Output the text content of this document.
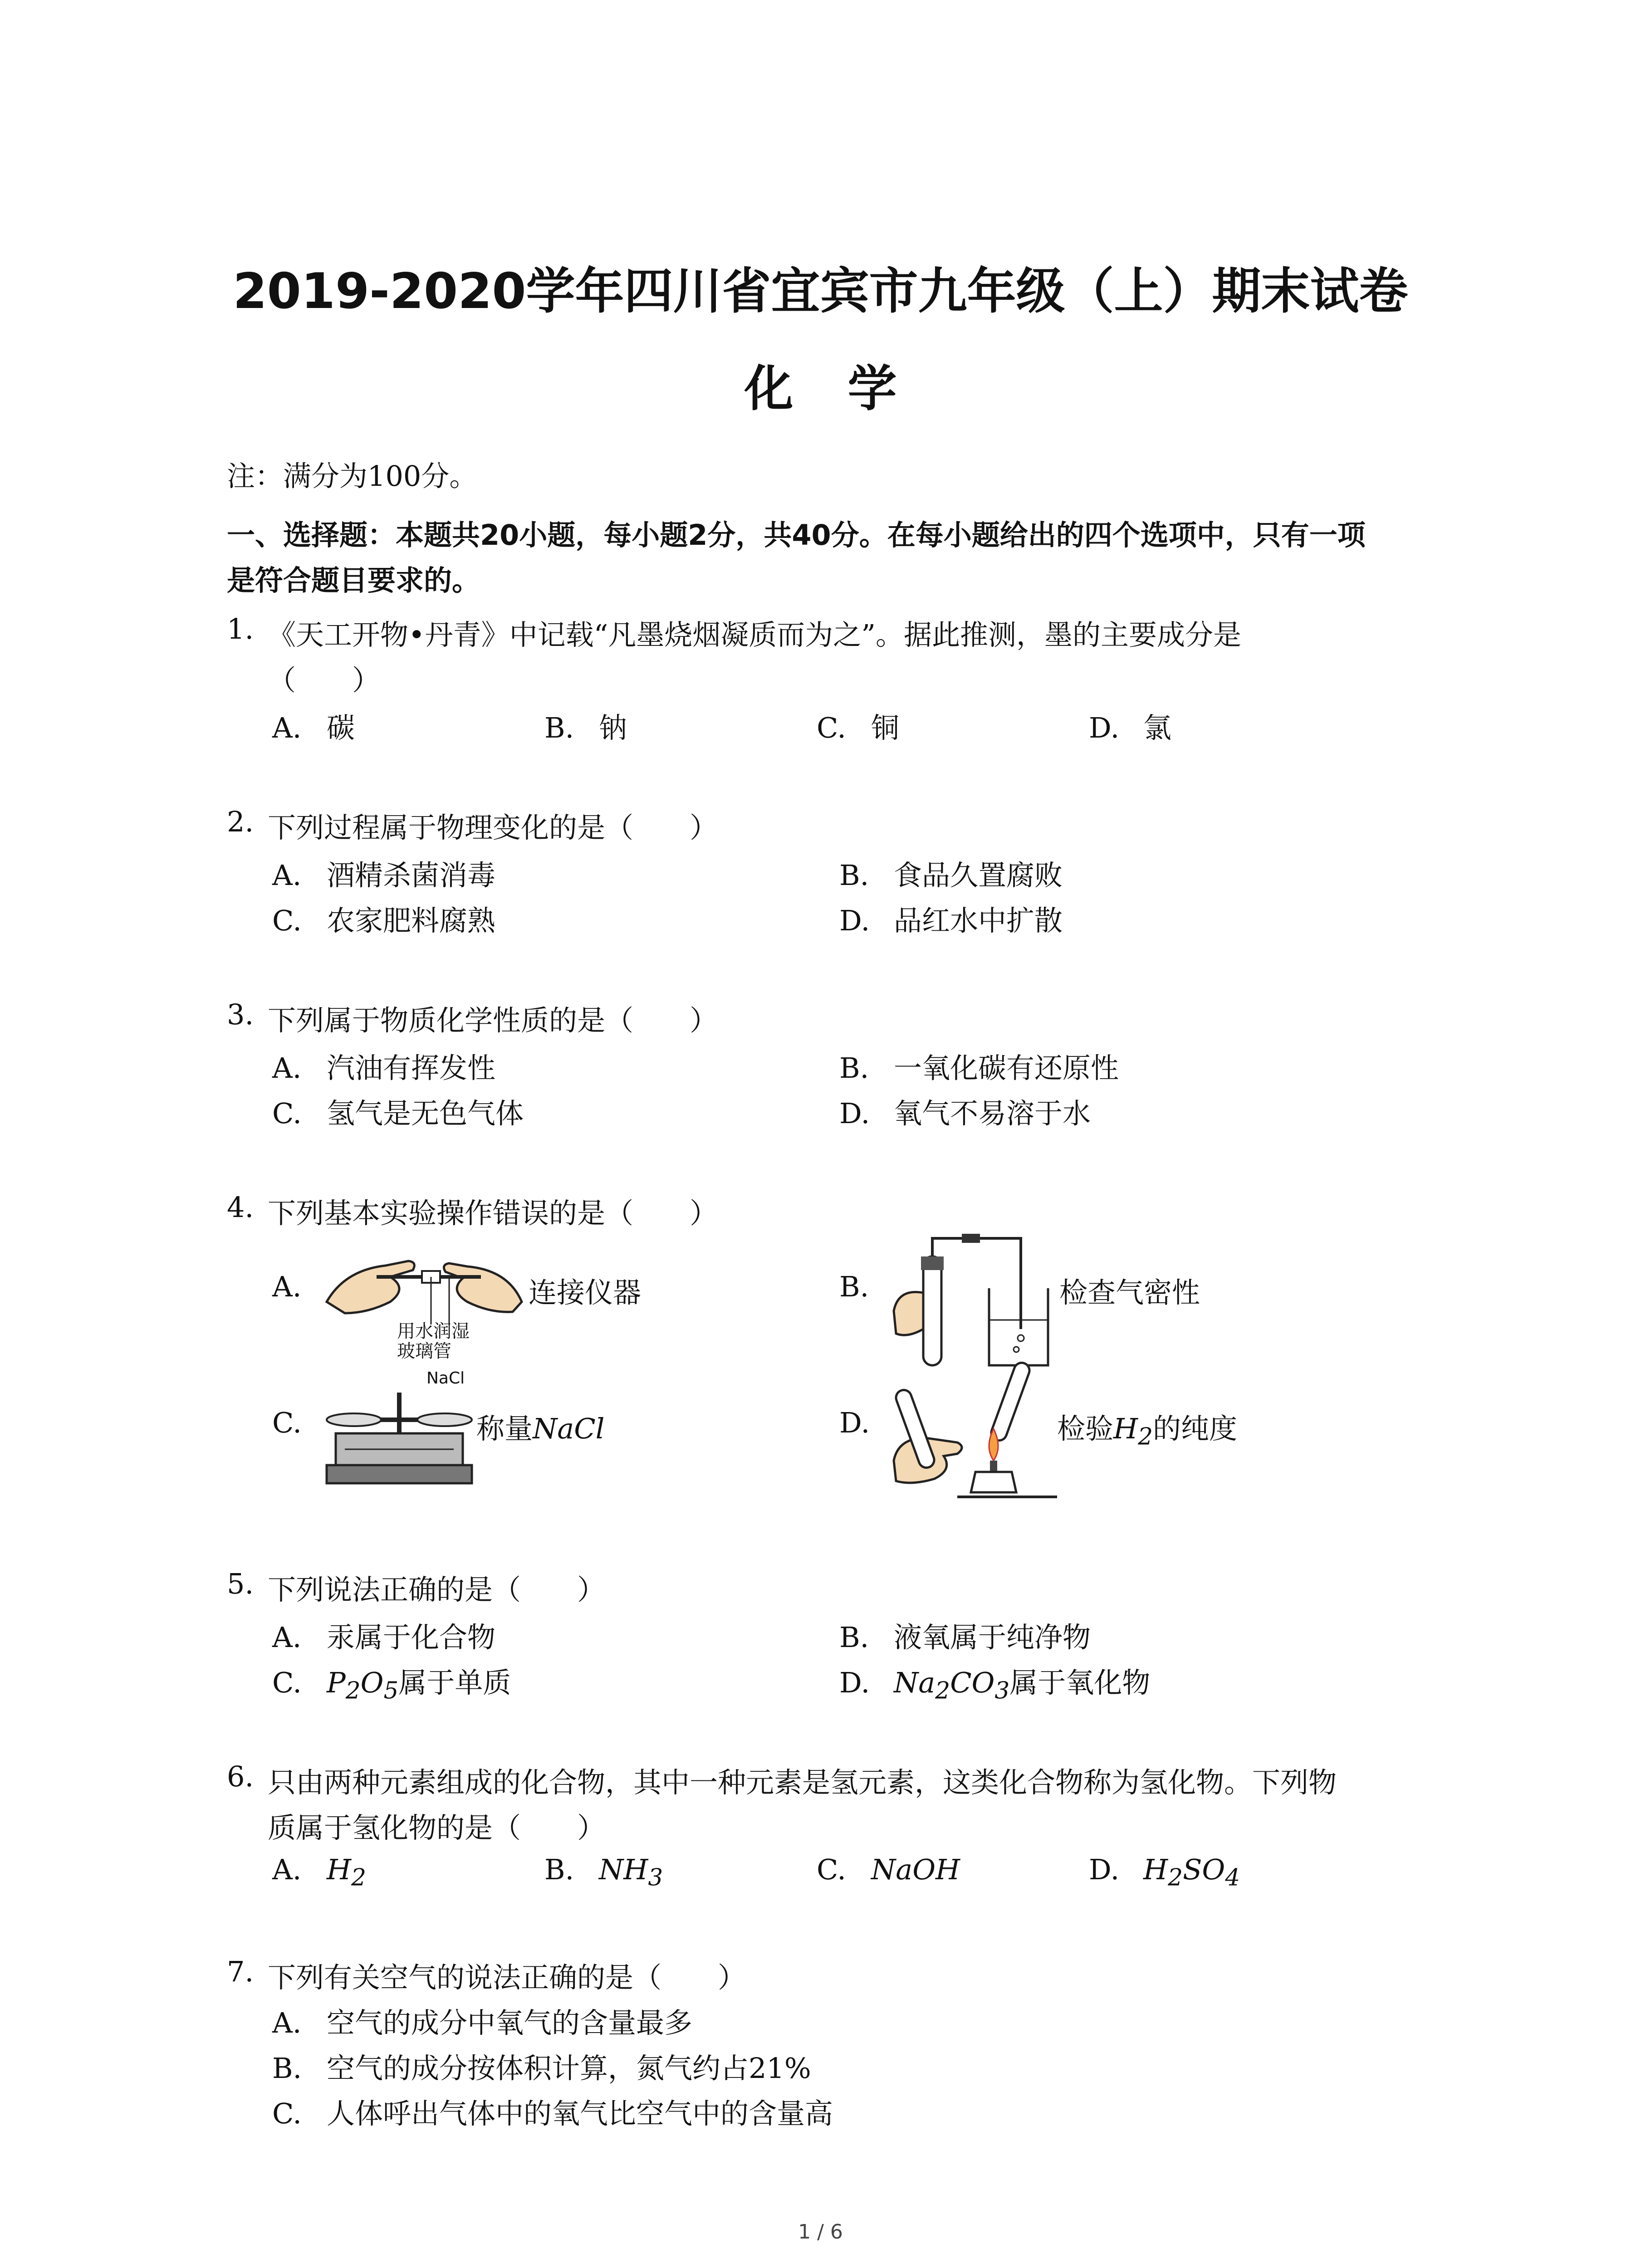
2019-2020学年四川省宜宾市九年级（上）期末试卷
化学
注：满分为100分。
一、选择题：本题共20小题，每小题2分，共40分。在每小题给出的四个选项中，只有一项
是符合题目要求的。
1. 《天工开物•丹青》中记载“凡墨烧烟凝质而为之”。据此推测，墨的主要成分是
（　　）
A. 碳	B. 钠	C. 铜	D. 氯
2. 下列过程属于物理变化的是（　　）
A. 酒精杀菌消毒	B. 食品久置腐败
C. 农家肥料腐熟	D. 品红水中扩散
3. 下列属于物质化学性质的是（　　）
A. 汽油有挥发性	B. 一氧化碳有还原性
C. 氢气是无色气体	D. 氧气不易溶于水
4. 下列基本实验操作错误的是（　　）
A.
用水润湿
玻璃管
连接仪器	B.	检查气密性
C.
NaCl
称量NaCl	D.	检验$H_2$的纯度
5. 下列说法正确的是（　　）
A. 汞属于化合物	B. 液氧属于纯净物
C. $P_2O_5$属于单质	D. $Na_2CO_3$属于氧化物
6. 只由两种元素组成的化合物，其中一种元素是氢元素，这类化合物称为氢化物。下列物
质属于氢化物的是（　　）
A. $H_2$	B. $NH_3$	C. NaOH	D. $H_2SO_4$
7. 下列有关空气的说法正确的是（　　）
A. 空气的成分中氧气的含量最多
B. 空气的成分按体积计算，氮气约占21%
C. 人体呼出气体中的氧气比空气中的含量高
1 / 6
